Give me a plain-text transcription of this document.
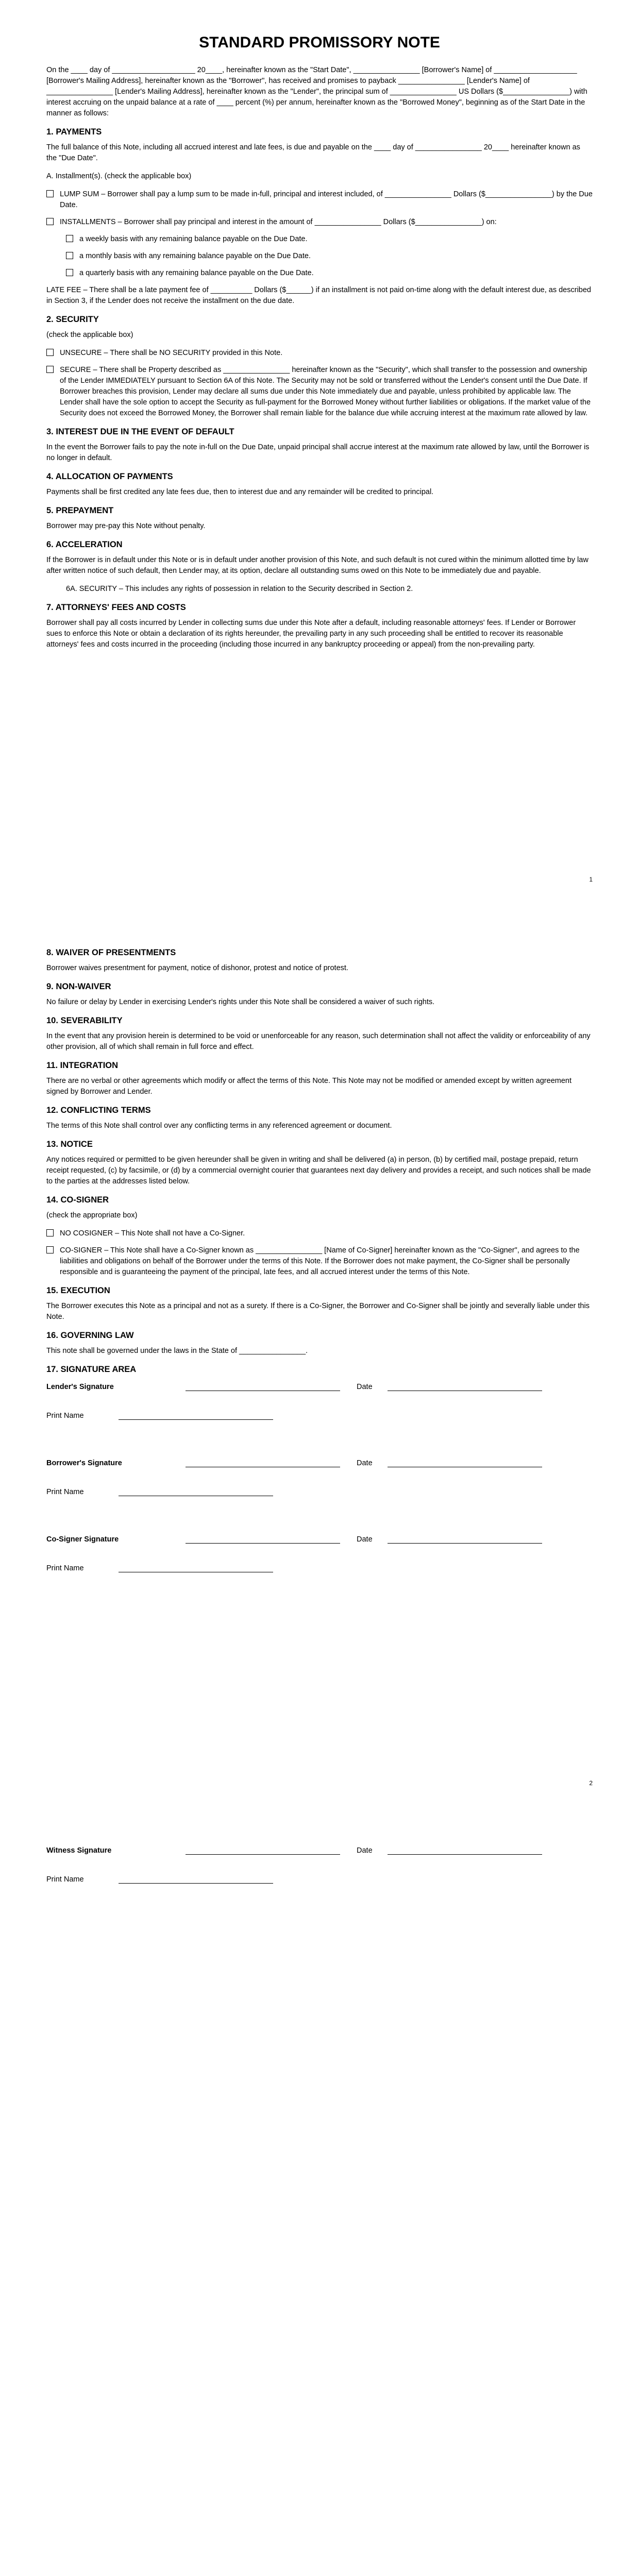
STANDARD PROMISSORY NOTE

On the ____ day of ____________________ 20____, hereinafter known as the "Start Date", ________________ [Borrower's Name] of ____________________ [Borrower's Mailing Address], hereinafter known as the "Borrower", has received and promises to payback ________________ [Lender's Name] of ________________ [Lender's Mailing Address], hereinafter known as the "Lender", the principal sum of ________________ US Dollars ($________________) with interest accruing on the unpaid balance at a rate of ____ percent (%) per annum, hereinafter known as the "Borrowed Money", beginning as of the Start Date in the manner as follows:

1. PAYMENTS

The full balance of this Note, including all accrued interest and late fees, is due and payable on the ____ day of ________________ 20____ hereinafter known as the "Due Date".

A. Installment(s). (check the applicable box)

LUMP SUM – Borrower shall pay a lump sum to be made in-full, principal and interest included, of ________________ Dollars ($________________) by the Due Date.
INSTALLMENTS – Borrower shall pay principal and interest in the amount of ________________ Dollars ($________________) on:
a weekly basis with any remaining balance payable on the Due Date.
a monthly basis with any remaining balance payable on the Due Date.
a quarterly basis with any remaining balance payable on the Due Date.

LATE FEE – There shall be a late payment fee of __________ Dollars ($______) if an installment is not paid on-time along with the default interest due, as described in Section 3, if the Lender does not receive the installment on the due date.

2. SECURITY

(check the applicable box)

UNSECURE – There shall be NO SECURITY provided in this Note.
SECURE – There shall be Property described as ________________ hereinafter known as the "Security", which shall transfer to the possession and ownership of the Lender IMMEDIATELY pursuant to Section 6A of this Note. The Security may not be sold or transferred without the Lender's consent until the Due Date. If Borrower breaches this provision, Lender may declare all sums due under this Note immediately due and payable, unless prohibited by applicable law. The Lender shall have the sole option to accept the Security as full-payment for the Borrowed Money without further liabilities or obligations. If the market value of the Security does not exceed the Borrowed Money, the Borrower shall remain liable for the balance due while accruing interest at the maximum rate allowed by law.
3. INTEREST DUE IN THE EVENT OF DEFAULT

In the event the Borrower fails to pay the note in-full on the Due Date, unpaid principal shall accrue interest at the maximum rate allowed by law, until the Borrower is no longer in default.

4. ALLOCATION OF PAYMENTS

Payments shall be first credited any late fees due, then to interest due and any remainder will be credited to principal.

5. PREPAYMENT

Borrower may pre-pay this Note without penalty.

6. ACCELERATION

If the Borrower is in default under this Note or is in default under another provision of this Note, and such default is not cured within the minimum allotted time by law after written notice of such default, then Lender may, at its option, declare all outstanding sums owed on this Note to be immediately due and payable.

6A. SECURITY – This includes any rights of possession in relation to the Security described in Section 2.

7. ATTORNEYS' FEES AND COSTS

Borrower shall pay all costs incurred by Lender in collecting sums due under this Note after a default, including reasonable attorneys' fees. If Lender or Borrower sues to enforce this Note or obtain a declaration of its rights hereunder, the prevailing party in any such proceeding shall be entitled to recover its reasonable attorneys' fees and costs incurred in the proceeding (including those incurred in any bankruptcy proceeding or appeal) from the non-prevailing party.

1
8. WAIVER OF PRESENTMENTS

Borrower waives presentment for payment, notice of dishonor, protest and notice of protest.

9. NON-WAIVER

No failure or delay by Lender in exercising Lender's rights under this Note shall be considered a waiver of such rights.

10. SEVERABILITY

In the event that any provision herein is determined to be void or unenforceable for any reason, such determination shall not affect the validity or enforceability of any other provision, all of which shall remain in full force and effect.

11. INTEGRATION

There are no verbal or other agreements which modify or affect the terms of this Note. This Note may not be modified or amended except by written agreement signed by Borrower and Lender.

12. CONFLICTING TERMS

The terms of this Note shall control over any conflicting terms in any referenced agreement or document.

13. NOTICE

Any notices required or permitted to be given hereunder shall be given in writing and shall be delivered (a) in person, (b) by certified mail, postage prepaid, return receipt requested, (c) by facsimile, or (d) by a commercial overnight courier that guarantees next day delivery and provides a receipt, and such notices shall be made to the parties at the addresses listed below.

14. CO-SIGNER

(check the appropriate box)

NO COSIGNER – This Note shall not have a Co-Signer.
CO-SIGNER – This Note shall have a Co-Signer known as ________________ [Name of Co-Signer] hereinafter known as the "Co-Signer", and agrees to the liabilities and obligations on behalf of the Borrower under the terms of this Note. If the Borrower does not make payment, the Co-Signer shall be personally responsible and is guaranteeing the payment of the principal, late fees, and all accrued interest under the terms of this Note.
15. EXECUTION

The Borrower executes this Note as a principal and not as a surety. If there is a Co-Signer, the Borrower and Co-Signer shall be jointly and severally liable under this Note.

16. GOVERNING LAW

This note shall be governed under the laws in the State of ________________.

17. SIGNATURE AREA
Lender's Signature	Date
Print Name
Borrower's Signature	Date
Print Name
Co-Signer Signature	Date
Print Name
2
Witness Signature	Date
Print Name
